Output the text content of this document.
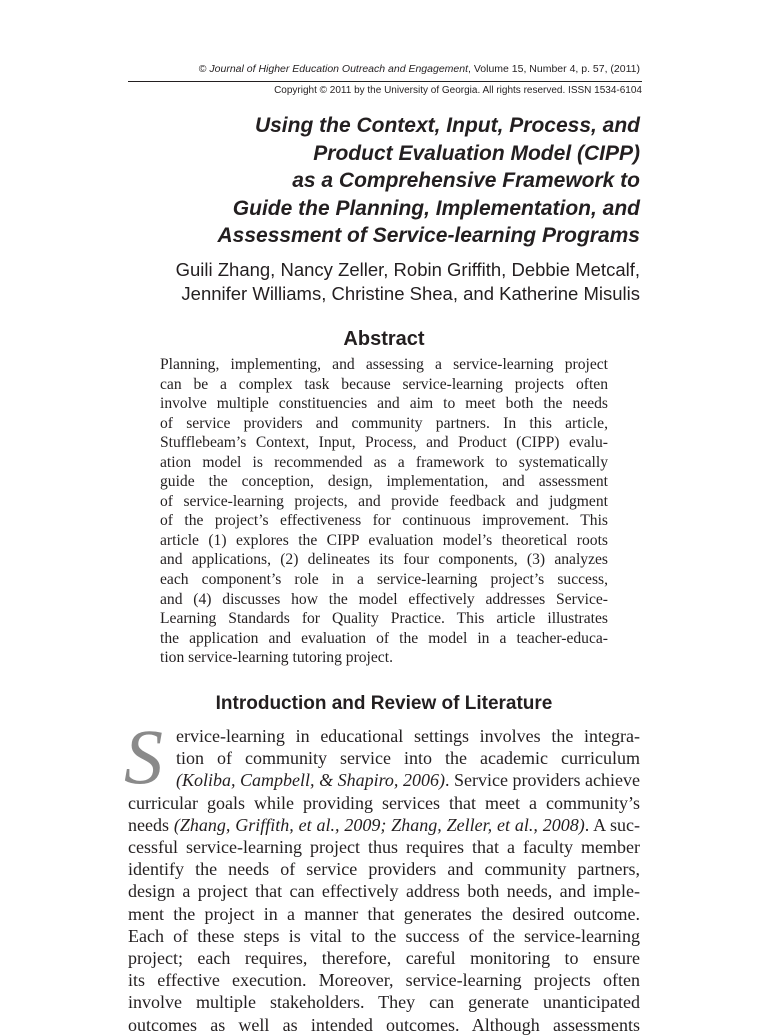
© Journal of Higher Education Outreach and Engagement, Volume 15, Number 4, p. 57, (2011)
Copyright © 2011 by the University of Georgia. All rights reserved. ISSN 1534-6104
Using the Context, Input, Process, and
Product Evaluation Model (CIPP)
as a Comprehensive Framework to
Guide the Planning, Implementation, and
Assessment of Service-learning Programs
Guili Zhang, Nancy Zeller, Robin Griffith, Debbie Metcalf,
Jennifer Williams, Christine Shea, and Katherine Misulis
Abstract
Planning, implementing, and assessing a service-learning project
can be a complex task because service-learning projects often
involve multiple constituencies and aim to meet both the needs
of service providers and community partners. In this article,
Stufflebeam’s Context, Input, Process, and Product (CIPP) evalu-
ation model is recommended as a framework to systematically
guide the conception, design, implementation, and assessment
of service-learning projects, and provide feedback and judgment
of the project’s effectiveness for continuous improvement. This
article (1) explores the CIPP evaluation model’s theoretical roots
and applications, (2) delineates its four components, (3) analyzes
each component’s role in a service-learning project’s success,
and (4) discusses how the model effectively addresses Service-
Learning Standards for Quality Practice. This article illustrates
the application and evaluation of the model in a teacher-educa-
tion service-learning tutoring project.
Introduction and Review of Literature
S ervice-learning in educational settings involves the integra-
tion of community service into the academic curriculum
(Koliba, Campbell, & Shapiro, 2006). Service providers achieve
curricular goals while providing services that meet a community’s
needs (Zhang, Griffith, et al., 2009; Zhang, Zeller, et al., 2008). A suc-
cessful service-learning project thus requires that a faculty member
identify the needs of service providers and community partners,
design a project that can effectively address both needs, and imple-
ment the project in a manner that generates the desired outcome.
Each of these steps is vital to the success of the service-learning
project; each requires, therefore, careful monitoring to ensure
its effective execution. Moreover, service-learning projects often
involve multiple stakeholders. They can generate unanticipated
outcomes as well as intended outcomes. Although assessments
